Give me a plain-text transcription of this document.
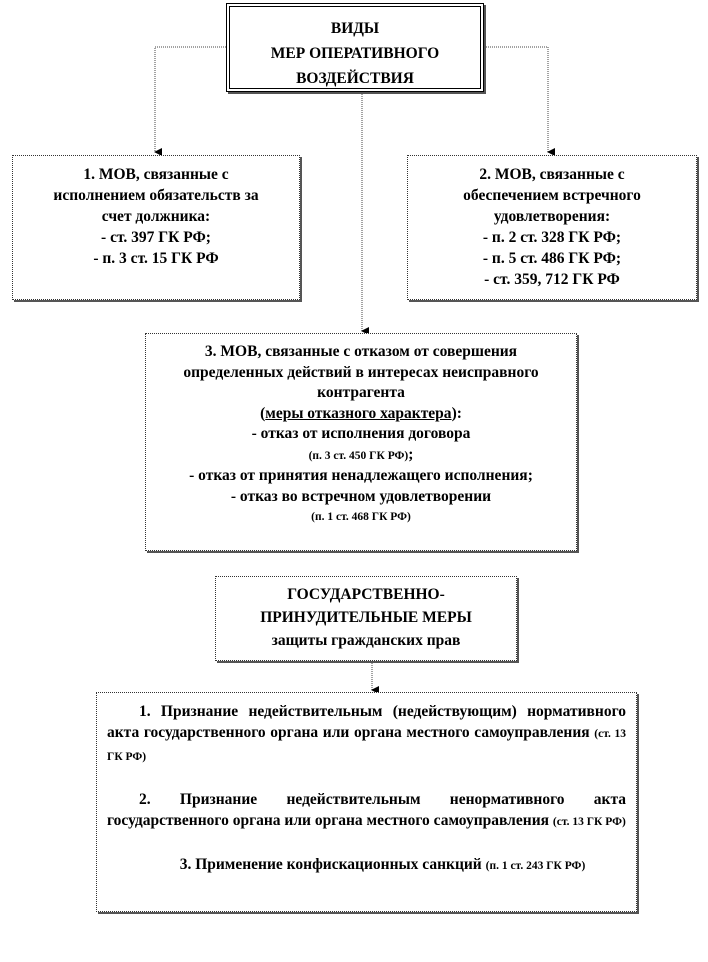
ВИДЫ
МЕР ОПЕРАТИВНОГО
ВОЗДЕЙСТВИЯ
1. МОВ, связанные с
исполнением обязательств за
счет должника:
- ст. 397 ГК РФ;
- п. 3 ст. 15 ГК РФ
2. МОВ, связанные с
обеспечением встречного
удовлетворения:
- п. 2 ст. 328 ГК РФ;
- п. 5 ст. 486 ГК РФ;
- ст. 359, 712 ГК РФ
3. МОВ, связанные с отказом от совершения
определенных действий в интересах неисправного
контрагента
(меры отказного характера):
- отказ от исполнения договора
(п. 3 ст. 450 ГК РФ);
- отказ от принятия ненадлежащего исполнения;
- отказ во встречном удовлетворении
(п. 1 ст. 468 ГК РФ)
ГОСУДАРСТВЕННО-
ПРИНУДИТЕЛЬНЫЕ МЕРЫ
защиты гражданских прав

1. Признание недействительным (недействующим) нормативного акта государственного органа или органа местного самоуправления (ст. 13 ГК РФ)

2. Признание недействительным ненормативного акта государственного органа или органа местного самоуправления (ст. 13 ГК РФ)

3. Применение конфискационных санкций (п. 1 ст. 243 ГК РФ)
